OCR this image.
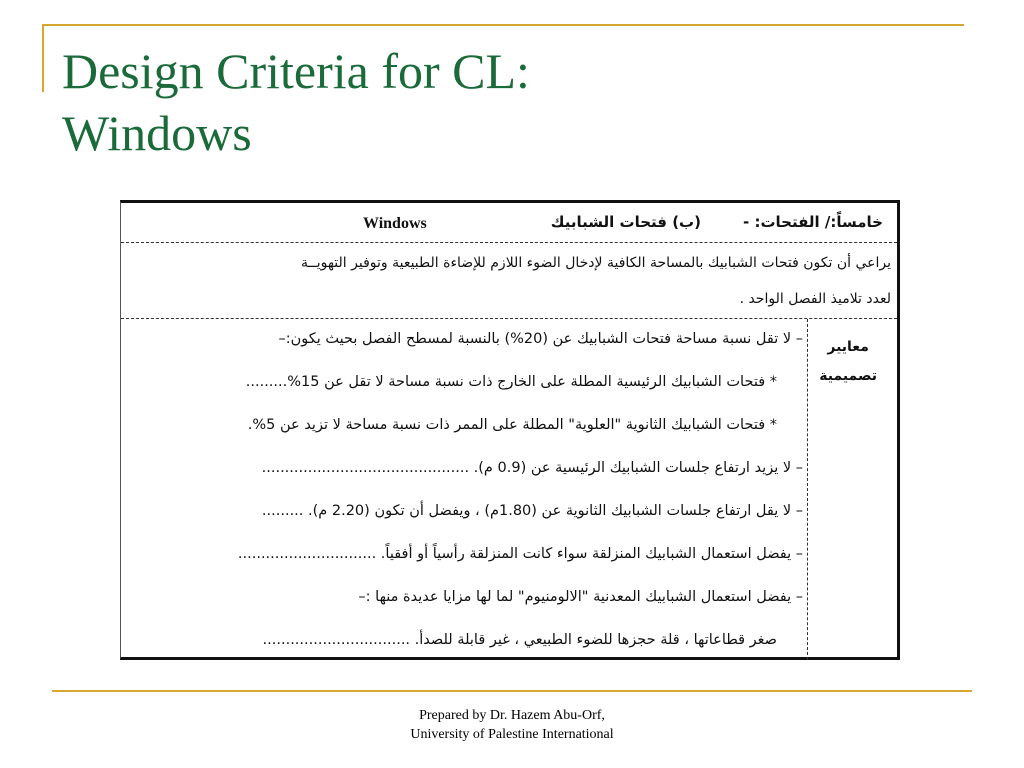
Design Criteria for CL:
Windows
خامساً:/ الفتحات: -
(ب) فتحات الشبابيك
Windows
يراعي أن تكون فتحات الشبابيك بالمساحة الكافية لإدخال الضوء اللازم للإضاءة الطبيعية وتوفير التهويــة
لعدد تلاميذ الفصل الواحد .
معايير
تصميمية
– لا تقل نسبة مساحة فتحات الشبابيك عن (20%) بالنسبة لمسطح الفصل بحيث يكون:–
* فتحات الشبابيك الرئيسية المطلة على الخارج ذات نسبة مساحة لا تقل عن 15%.........
* فتحات الشبابيك الثانوية "العلوية" المطلة على الممر ذات نسبة مساحة لا تزيد عن 5%.
– لا يزيد ارتفاع جلسات الشبابيك الرئيسية عن (0.9 م). .............................................
– لا يقل ارتفاع جلسات الشبابيك الثانوية عن (1.80م) ، ويفضل أن تكون (2.20 م). .........
– يفضل استعمال الشبابيك المنزلقة سواء كانت المنزلقة رأسياً أو أفقياً. ..............................
– يفضل استعمال الشبابيك المعدنية "الالومنيوم" لما لها مزايا عديدة منها :–
صغر قطاعاتها ، قلة حجزها للضوء الطبيعي ، غير قابلة للصدأ. ................................
Prepared by Dr. Hazem Abu-Orf,
University of Palestine International
